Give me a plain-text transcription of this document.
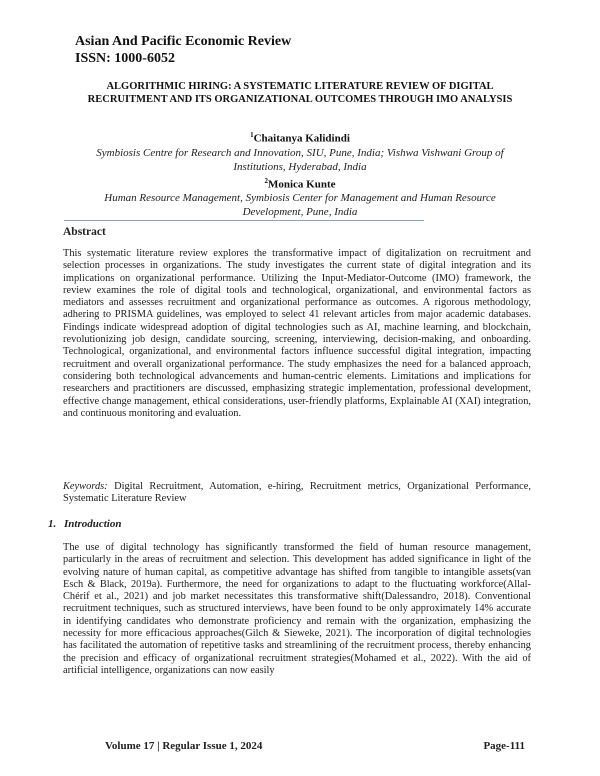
Asian And Pacific Economic Review
ISSN: 1000-6052
ALGORITHMIC HIRING: A SYSTEMATIC LITERATURE REVIEW OF DIGITAL RECRUITMENT AND ITS ORGANIZATIONAL OUTCOMES THROUGH IMO ANALYSIS
$^1$Chaitanya Kalidindi
Symbiosis Centre for Research and Innovation, SIU, Pune, India; Vishwa Vishwani Group of Institutions, Hyderabad, India
$^2$Monica Kunte
Human Resource Management, Symbiosis Center for Management and Human Resource Development, Pune, India
Abstract
This systematic literature review explores the transformative impact of digitalization on recruitment and selection processes in organizations. The study investigates the current state of digital integration and its implications on organizational performance. Utilizing the Input-Mediator-Outcome (IMO) framework, the review examines the role of digital tools and technological, organizational, and environmental factors as mediators and assesses recruitment and organizational performance as outcomes. A rigorous methodology, adhering to PRISMA guidelines, was employed to select 41 relevant articles from major academic databases. Findings indicate widespread adoption of digital technologies such as AI, machine learning, and blockchain, revolutionizing job design, candidate sourcing, screening, interviewing, decision-making, and onboarding. Technological, organizational, and environmental factors influence successful digital integration, impacting recruitment and overall organizational performance. The study emphasizes the need for a balanced approach, considering both technological advancements and human-centric elements. Limitations and implications for researchers and practitioners are discussed, emphasizing strategic implementation, professional development, effective change management, ethical considerations, user-friendly platforms, Explainable AI (XAI) integration, and continuous monitoring and evaluation.
Keywords: Digital Recruitment, Automation, e-hiring, Recruitment metrics, Organizational Performance, Systematic Literature Review
1. Introduction
The use of digital technology has significantly transformed the field of human resource management, particularly in the areas of recruitment and selection. This development has added significance in light of the evolving nature of human capital, as competitive advantage has shifted from tangible to intangible assets(van Esch & Black, 2019a). Furthermore, the need for organizations to adapt to the fluctuating workforce(Allal-Chérif et al., 2021) and job market necessitates this transformative shift(Dalessandro, 2018). Conventional recruitment techniques, such as structured interviews, have been found to be only approximately 14% accurate in identifying candidates who demonstrate proficiency and remain with the organization, emphasizing the necessity for more efficacious approaches(Gilch & Sieweke, 2021). The incorporation of digital technologies has facilitated the automation of repetitive tasks and streamlining of the recruitment process, thereby enhancing the precision and efficacy of organizational recruitment strategies(Mohamed et al., 2022). With the aid of artificial intelligence, organizations can now easily
Volume 17 | Regular Issue 1, 2024	Page-111
